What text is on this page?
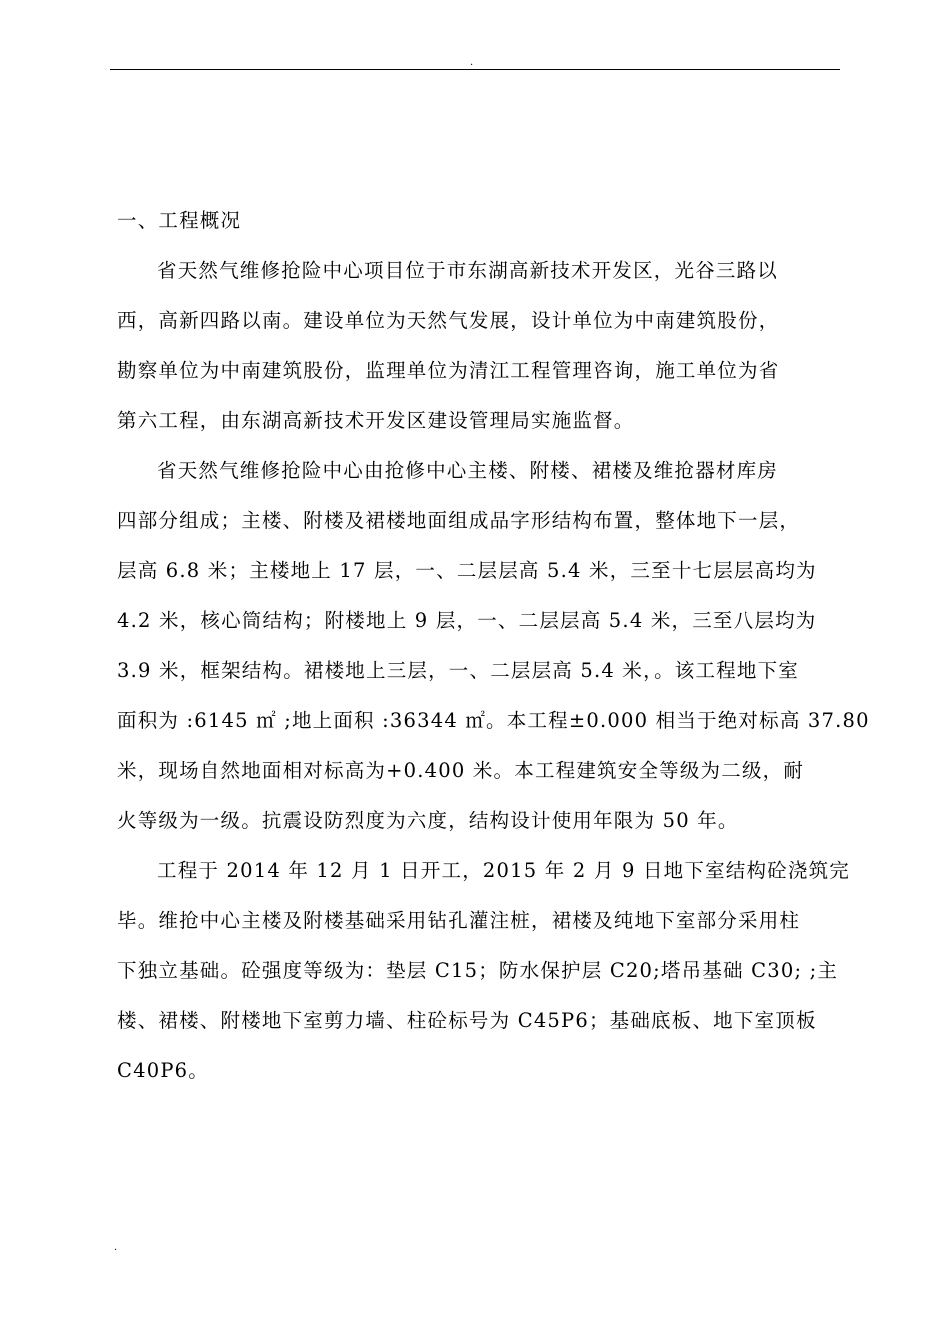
.

一、工程概况

省天然气维修抢险中心项目位于市东湖高新技术开发区，光谷三路以
西，高新四路以南。建设单位为天然气发展，设计单位为中南建筑股份，
勘察单位为中南建筑股份，监理单位为清江工程管理咨询，施工单位为省
第六工程，由东湖高新技术开发区建设管理局实施监督。

省天然气维修抢险中心由抢修中心主楼、附楼、裙楼及维抢器材库房
四部分组成；主楼、附楼及裙楼地面组成品字形结构布置，整体地下一层，
层高 6.8 米；主楼地上 17 层，一、二层层高 5.4 米，三至十七层层高均为
4.2 米，核心筒结构；附楼地上 9 层，一、二层层高 5.4 米，三至八层均为
3.9 米，框架结构。裙楼地上三层，一、二层层高 5.4 米，。该工程地下室
面积为 :6145 ㎡ ;地上面积 :36344 ㎡。本工程±0.000 相当于绝对标高 37.80
米，现场自然地面相对标高为+0.400 米。本工程建筑安全等级为二级，耐
火等级为一级。抗震设防烈度为六度，结构设计使用年限为 50 年。

工程于 2014 年 12 月 1 日开工，2015 年 2 月 9 日地下室结构砼浇筑完
毕。维抢中心主楼及附楼基础采用钻孔灌注桩，裙楼及纯地下室部分采用柱
下独立基础。砼强度等级为：垫层 C15；防水保护层 C20;塔吊基础 C30; ;主
楼、裙楼、附楼地下室剪力墙、柱砼标号为 C45P6；基础底板、地下室顶板
C40P6。

.
